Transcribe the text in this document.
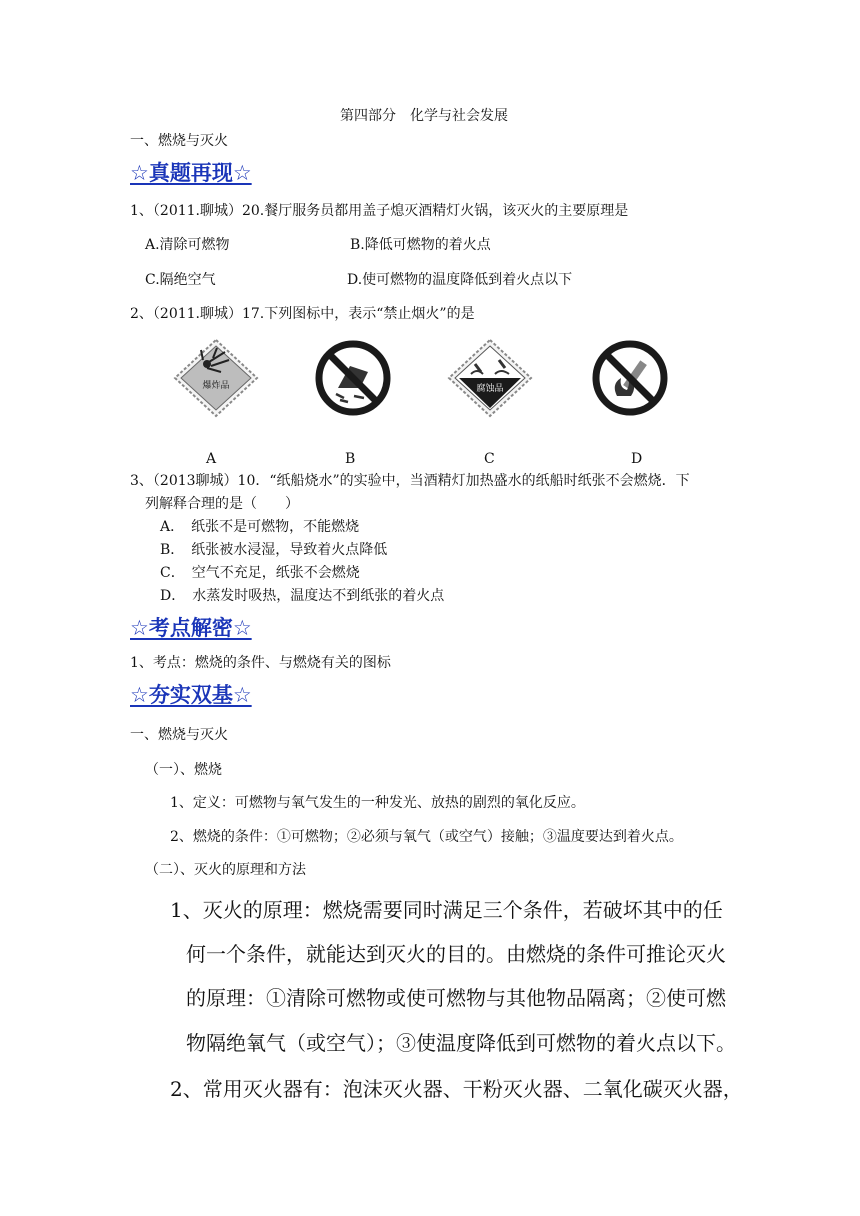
第四部分　化学与社会发展
一、燃烧与灭火
☆真题再现☆
1、（2011.聊城）20.餐厅服务员都用盖子熄灭酒精灯火锅，该灭火的主要原理是
A.清除可燃物	B.降低可燃物的着火点
C.隔绝空气	D.使可燃物的温度降低到着火点以下
2、（2011.聊城）17.下列图标中，表示“禁止烟火”的是
爆炸品	腐蚀品
A	B	C	D
3、（2013聊城）10．“纸船烧水”的实验中，当酒精灯加热盛水的纸船时纸张不会燃烧．下
列解释合理的是（　　）
A．　纸张不是可燃物，不能燃烧
B．　纸张被水浸湿，导致着火点降低
C．　空气不充足，纸张不会燃烧
D．　水蒸发时吸热，温度达不到纸张的着火点
☆考点解密☆
1、考点：燃烧的条件、与燃烧有关的图标
☆夯实双基☆
一、燃烧与灭火
（一）、燃烧
1、定义：可燃物与氧气发生的一种发光、放热的剧烈的氧化反应。
2、燃烧的条件：①可燃物；②必须与氧气（或空气）接触；③温度要达到着火点。
（二）、灭火的原理和方法
1、灭火的原理：燃烧需要同时满足三个条件，若破坏其中的任
何一个条件，就能达到灭火的目的。由燃烧的条件可推论灭火
的原理：①清除可燃物或使可燃物与其他物品隔离；②使可燃
物隔绝氧气（或空气）；③使温度降低到可燃物的着火点以下。
2、常用灭火器有：泡沫灭火器、干粉灭火器、二氧化碳灭火器，
